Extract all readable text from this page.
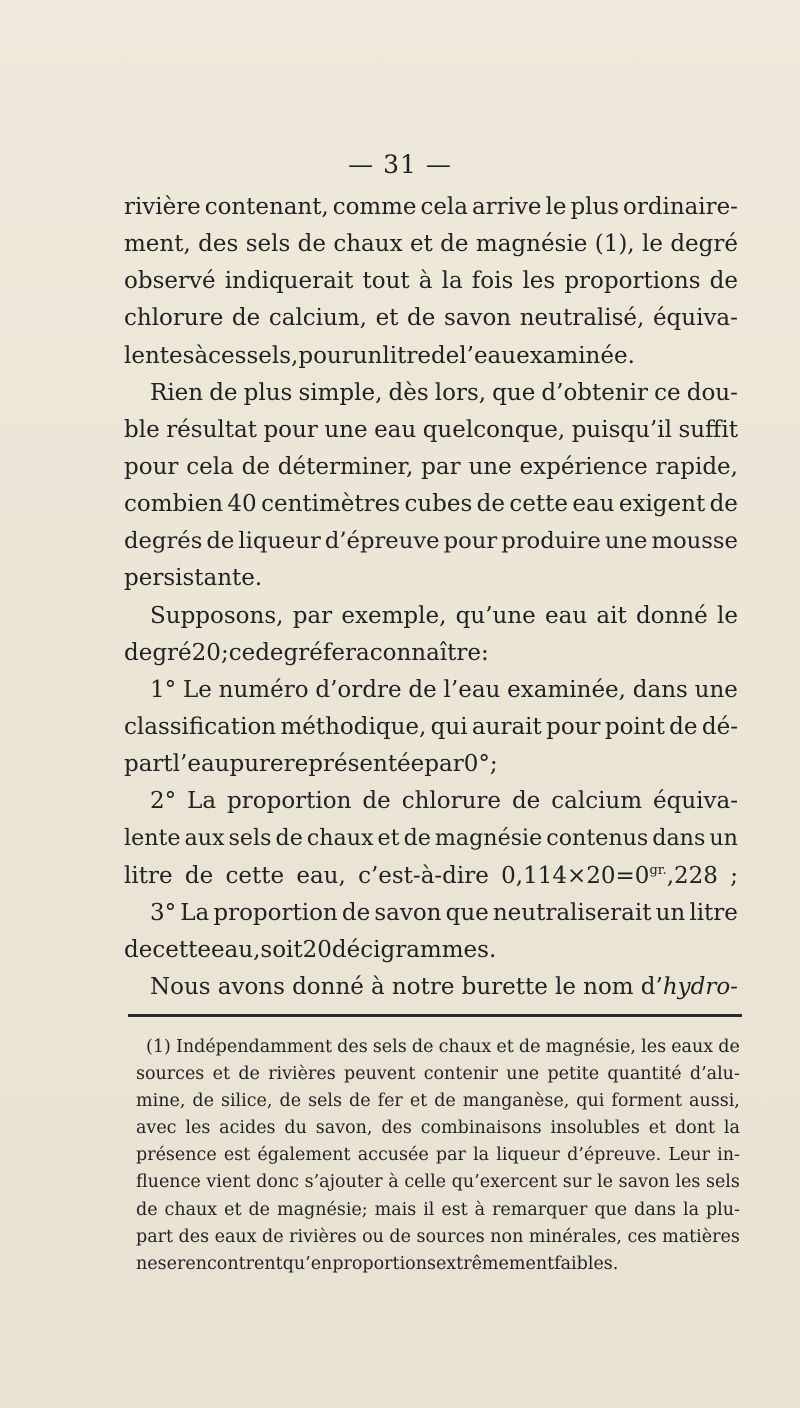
— 31 —
rivière contenant, comme cela arrive le plus ordinaire-
ment, des sels de chaux et de magnésie (1), le degré
observé indiquerait tout à la fois les proportions de
chlorure de calcium, et de savon neutralisé, équiva-
lentes à ces sels, pour un litre de l’eau examinée.
Rien de plus simple, dès lors, que d’obtenir ce dou-
ble résultat pour une eau quelconque, puisqu’il suffit
pour cela de déterminer, par une expérience rapide,
combien 40 centimètres cubes de cette eau exigent de
degrés de liqueur d’épreuve pour produire une mousse
persistante.
Supposons, par exemple, qu’une eau ait donné le
degré 20 ; ce degré fera connaître :
1° Le numéro d’ordre de l’eau examinée, dans une
classification méthodique, qui aurait pour point de dé-
part l’eau pure représentée par 0°;
2° La proportion de chlorure de calcium équiva-
lente aux sels de chaux et de magnésie contenus dans un
litre de cette eau, c’est-à-dire $0,114\times 20=0^{gr.},228$ ;
3° La proportion de savon que neutraliserait un litre
de cette eau, soit 20 décigrammes.
Nous avons donné à notre burette le nom d’hydro-
(1) Indépendamment des sels de chaux et de magnésie, les eaux de
sources et de rivières peuvent contenir une petite quantité d’alu-
mine, de silice, de sels de fer et de manganèse, qui forment aussi,
avec les acides du savon, des combinaisons insolubles et dont la
présence est également accusée par la liqueur d’épreuve. Leur in-
fluence vient donc s’ajouter à celle qu’exercent sur le savon les sels
de chaux et de magnésie; mais il est à remarquer que dans la plu-
part des eaux de rivières ou de sources non minérales, ces matières
ne se rencontrent qu’en proportions extrêmement faibles.
